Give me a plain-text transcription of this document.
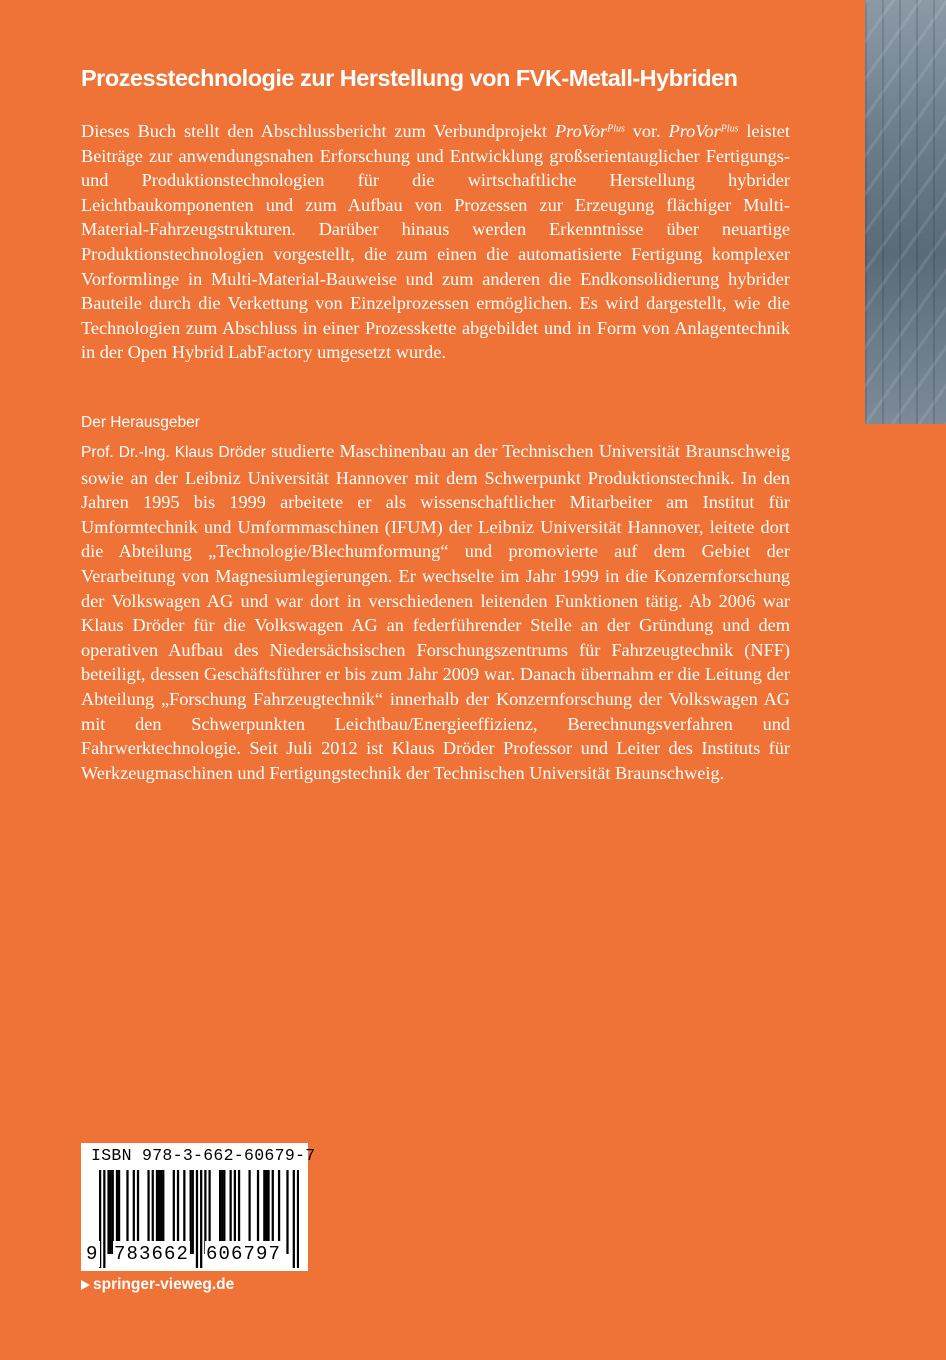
Prozesstechnologie zur Herstellung von FVK-Metall-Hybriden

Dieses Buch stellt den Abschlussbericht zum Verbundprojekt ProVor$^{Plus}$ vor. ProVor$^{Plus}$ leistet Beiträge zur anwendungsnahen Erforschung und Entwicklung großserientauglicher Fertigungs- und Produktionstechnologien für die wirtschaftliche Herstellung hybrider Leichtbaukomponenten und zum Aufbau von Prozessen zur Erzeugung flächiger Multi-Material-Fahrzeugstrukturen. Darüber hinaus werden Erkenntnisse über neuartige Produktionstechnologien vorgestellt, die zum einen die automatisierte Fertigung komplexer Vorformlinge in Multi-Material-Bauweise und zum anderen die Endkonsolidierung hybrider Bauteile durch die Verkettung von Einzelprozessen ermöglichen. Es wird dargestellt, wie die Technologien zum Abschluss in einer Prozesskette abgebildet und in Form von Anlagentechnik in der Open Hybrid LabFactory umgesetzt wurde.

Der Herausgeber

Prof. Dr.-Ing. Klaus Dröder studierte Maschinenbau an der Technischen Universität Braunschweig sowie an der Leibniz Universität Hannover mit dem Schwerpunkt Produktionstechnik. In den Jahren 1995 bis 1999 arbeitete er als wissenschaftlicher Mitarbeiter am Institut für Umformtechnik und Umformmaschinen (IFUM) der Leibniz Universität Hannover, leitete dort die Abteilung „Technologie/Blechumformung“ und promovierte auf dem Gebiet der Verarbeitung von Magnesiumlegierungen. Er wechselte im Jahr 1999 in die Konzernforschung der Volkswagen AG und war dort in verschiedenen leitenden Funktionen tätig. Ab 2006 war Klaus Dröder für die Volkswagen AG an federführender Stelle an der Gründung und dem operativen Aufbau des Niedersächsischen Forschungszentrums für Fahrzeugtechnik (NFF) beteiligt, dessen Geschäftsführer er bis zum Jahr 2009 war. Danach übernahm er die Leitung der Abteilung „Forschung Fahrzeugtechnik“ innerhalb der Konzernforschung der Volkswagen AG mit den Schwerpunkten Leichtbau/Energieeffizienz, Berechnungsverfahren und Fahrwerktechnologie. Seit Juli 2012 ist Klaus Dröder Professor und Leiter des Instituts für Werkzeugmaschinen und Fertigungstechnik der Technischen Universität Braunschweig.

ISBN 978-3-662-60679-7
9 783662 606797
springer-vieweg.de
